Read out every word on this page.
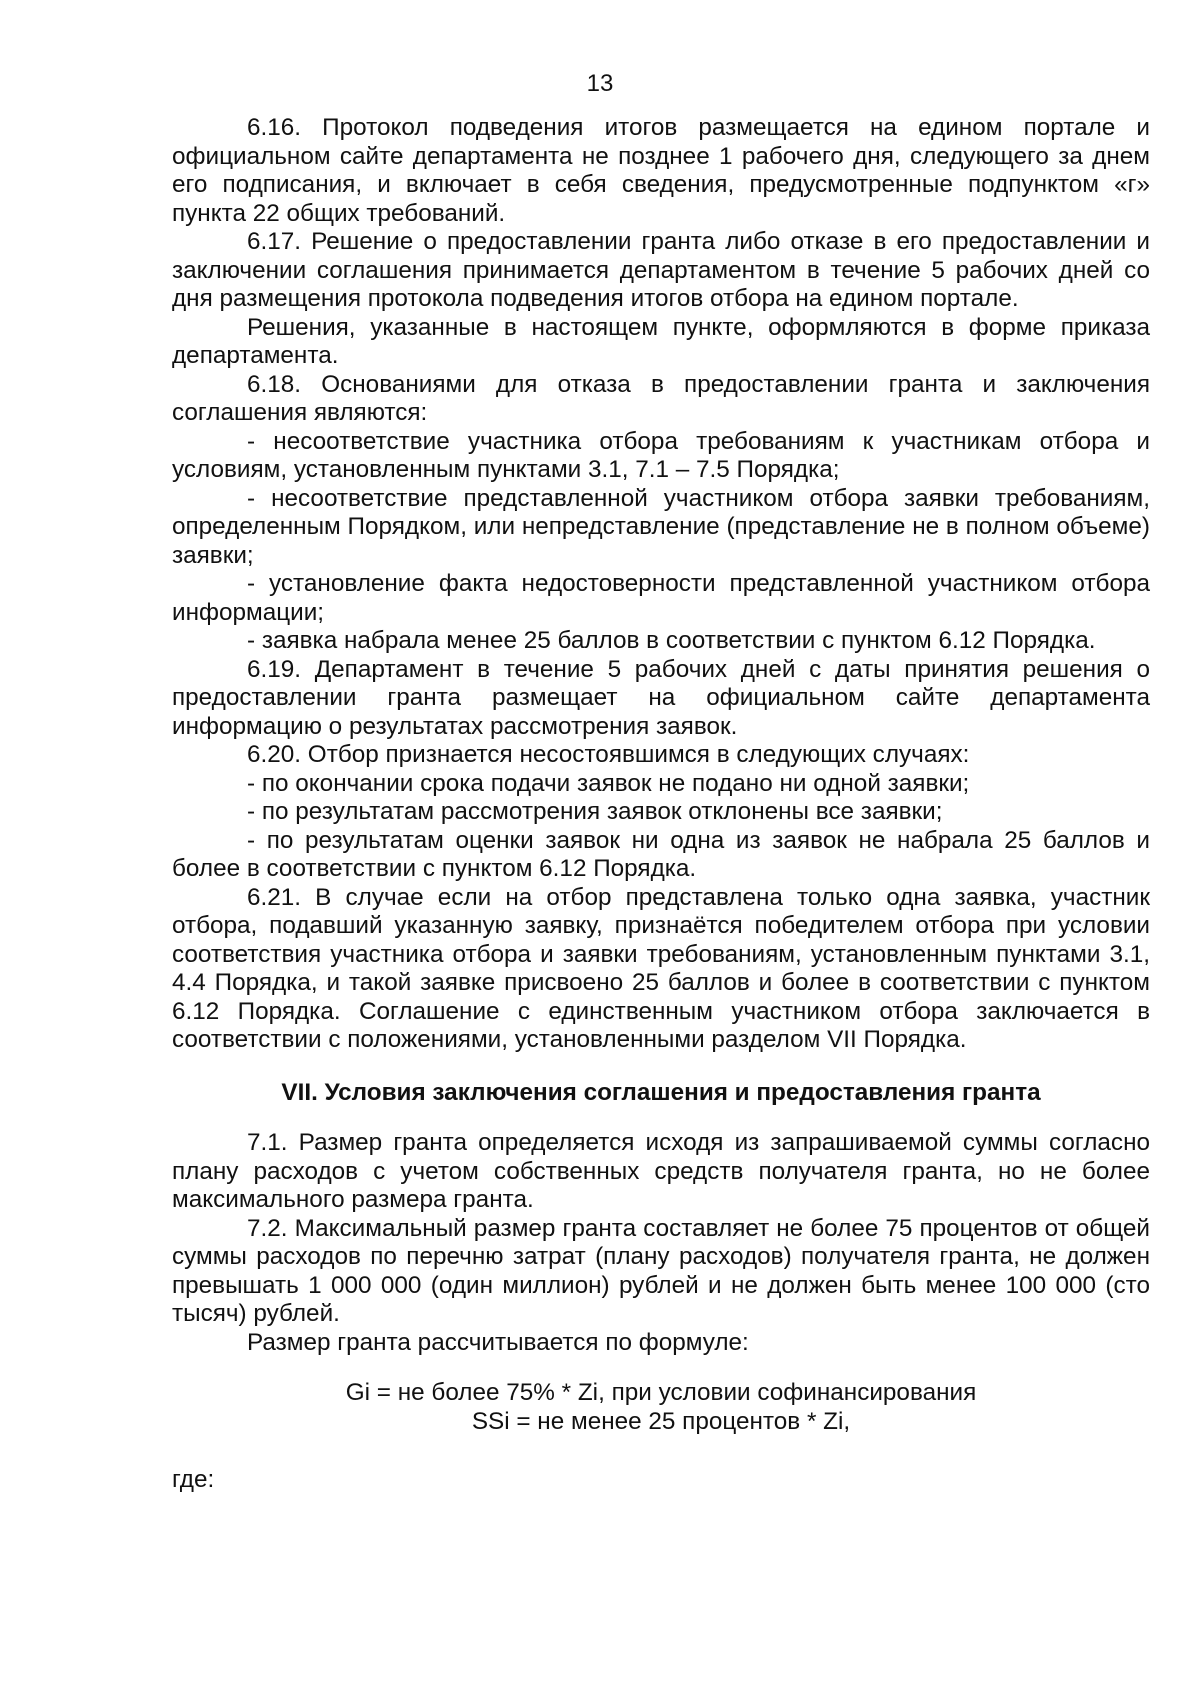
13

6.16. Протокол подведения итогов размещается на едином портале и официальном сайте департамента не позднее 1 рабочего дня, следующего за днем его подписания, и включает в себя сведения, предусмотренные подпунктом «г» пункта 22 общих требований.

6.17. Решение о предоставлении гранта либо отказе в его предоставлении и заключении соглашения принимается департаментом в течение 5 рабочих дней со дня размещения протокола подведения итогов отбора на едином портале.

Решения, указанные в настоящем пункте, оформляются в форме приказа департамента.

6.18. Основаниями для отказа в предоставлении гранта и заключения соглашения являются:

- несоответствие участника отбора требованиям к участникам отбора и условиям, установленным пунктами 3.1, 7.1 – 7.5 Порядка;

- несоответствие представленной участником отбора заявки требованиям, определенным Порядком, или непредставление (представление не в полном объеме) заявки;

- установление факта недостоверности представленной участником отбора информации;

- заявка набрала менее 25 баллов в соответствии с пунктом 6.12 Порядка.

6.19. Департамент в течение 5 рабочих дней с даты принятия решения о предоставлении гранта размещает на официальном сайте департамента информацию о результатах рассмотрения заявок.

6.20. Отбор признается несостоявшимся в следующих случаях:

- по окончании срока подачи заявок не подано ни одной заявки;

- по результатам рассмотрения заявок отклонены все заявки;

- по результатам оценки заявок ни одна из заявок не набрала 25 баллов и более в соответствии с пунктом 6.12 Порядка.

6.21. В случае если на отбор представлена только одна заявка, участник отбора, подавший указанную заявку, признаётся победителем отбора при условии соответствия участника отбора и заявки требованиям, установленным пунктами 3.1, 4.4 Порядка, и такой заявке присвоено 25 баллов и более в соответствии с пунктом 6.12 Порядка. Соглашение с единственным участником отбора заключается в соответствии с положениями, установленными разделом VII Порядка.

VII. Условия заключения соглашения и предоставления гранта

7.1. Размер гранта определяется исходя из запрашиваемой суммы согласно плану расходов с учетом собственных средств получателя гранта, но не более максимального размера гранта.

7.2. Максимальный размер гранта составляет не более 75 процентов от общей суммы расходов по перечню затрат (плану расходов) получателя гранта, не должен превышать 1 000 000 (один миллион) рублей и не должен быть менее 100 000 (сто тысяч) рублей.

Размер гранта рассчитывается по формуле:

Gi = не более 75% * Zi, при условии софинансирования
SSi = не менее 25 процентов * Zi,

где:
